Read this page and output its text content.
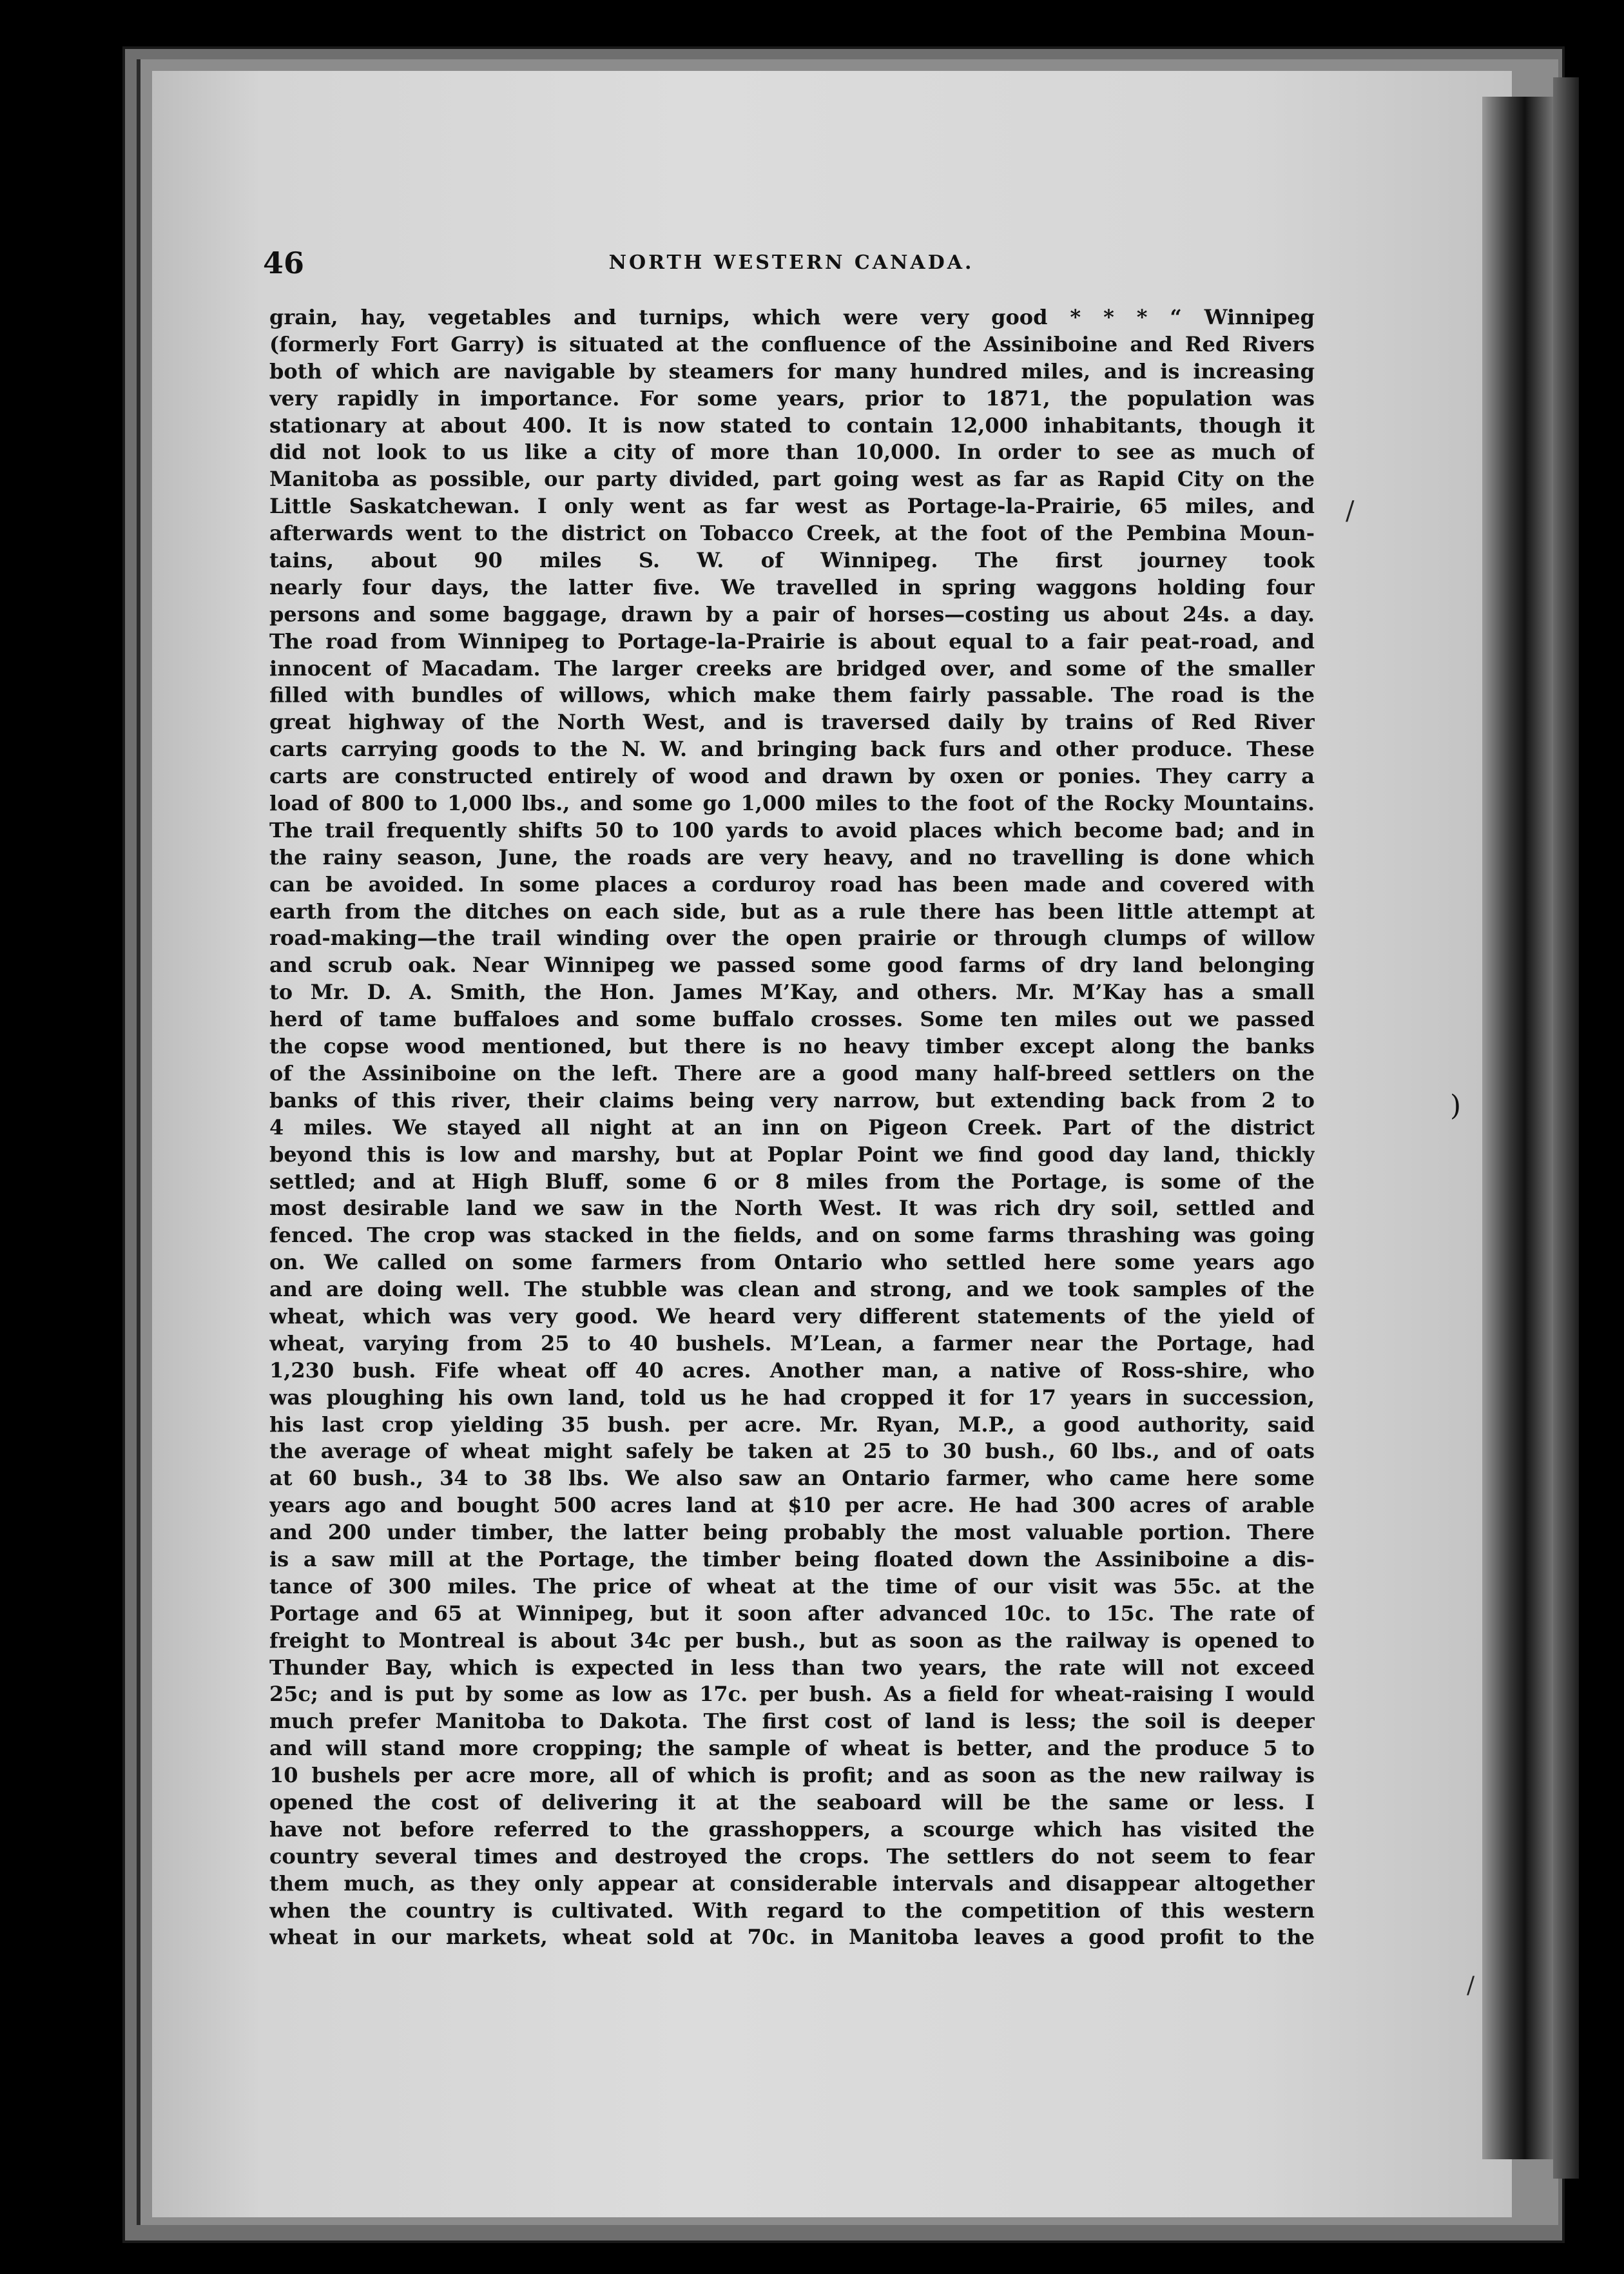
46	NORTH WESTERN CANADA.
grain, hay, vegetables and turnips, which were very good * * * “ Winnipeg
(formerly Fort Garry) is situated at the confluence of the Assiniboine and Red Rivers
both of which are navigable by steamers for many hundred miles, and is increasing
very rapidly in importance. For some years, prior to 1871, the population was
stationary at about 400. It is now stated to contain 12,000 inhabitants, though it
did not look to us like a city of more than 10,000. In order to see as much of
Manitoba as possible, our party divided, part going west as far as Rapid City on the
Little Saskatchewan. I only went as far west as Portage-la-Prairie, 65 miles, and
afterwards went to the district on Tobacco Creek, at the foot of the Pembina Moun-
tains, about 90 miles S. W. of Winnipeg. The first journey took
nearly four days, the latter five. We travelled in spring waggons holding four
persons and some baggage, drawn by a pair of horses—costing us about 24s. a day.
The road from Winnipeg to Portage-la-Prairie is about equal to a fair peat-road, and
innocent of Macadam. The larger creeks are bridged over, and some of the smaller
filled with bundles of willows, which make them fairly passable. The road is the
great highway of the North West, and is traversed daily by trains of Red River
carts carrying goods to the N. W. and bringing back furs and other produce. These
carts are constructed entirely of wood and drawn by oxen or ponies. They carry a
load of 800 to 1,000 lbs., and some go 1,000 miles to the foot of the Rocky Mountains.
The trail frequently shifts 50 to 100 yards to avoid places which become bad; and in
the rainy season, June, the roads are very heavy, and no travelling is done which
can be avoided. In some places a corduroy road has been made and covered with
earth from the ditches on each side, but as a rule there has been little attempt at
road-making—the trail winding over the open prairie or through clumps of willow
and scrub oak. Near Winnipeg we passed some good farms of dry land belonging
to Mr. D. A. Smith, the Hon. James M’Kay, and others. Mr. M’Kay has a small
herd of tame buffaloes and some buffalo crosses. Some ten miles out we passed
the copse wood mentioned, but there is no heavy timber except along the banks
of the Assiniboine on the left. There are a good many half-breed settlers on the
banks of this river, their claims being very narrow, but extending back from 2 to
4 miles. We stayed all night at an inn on Pigeon Creek. Part of the district
beyond this is low and marshy, but at Poplar Point we find good day land, thickly
settled; and at High Bluff, some 6 or 8 miles from the Portage, is some of the
most desirable land we saw in the North West. It was rich dry soil, settled and
fenced. The crop was stacked in the fields, and on some farms thrashing was going
on. We called on some farmers from Ontario who settled here some years ago
and are doing well. The stubble was clean and strong, and we took samples of the
wheat, which was very good. We heard very different statements of the yield of
wheat, varying from 25 to 40 bushels. M’Lean, a farmer near the Portage, had
1,230 bush. Fife wheat off 40 acres. Another man, a native of Ross-shire, who
was ploughing his own land, told us he had cropped it for 17 years in succession,
his last crop yielding 35 bush. per acre. Mr. Ryan, M.P., a good authority, said
the average of wheat might safely be taken at 25 to 30 bush., 60 lbs., and of oats
at 60 bush., 34 to 38 lbs. We also saw an Ontario farmer, who came here some
years ago and bought 500 acres land at $10 per acre. He had 300 acres of arable
and 200 under timber, the latter being probably the most valuable portion. There
is a saw mill at the Portage, the timber being floated down the Assiniboine a dis-
tance of 300 miles. The price of wheat at the time of our visit was 55c. at the
Portage and 65 at Winnipeg, but it soon after advanced 10c. to 15c. The rate of
freight to Montreal is about 34c per bush., but as soon as the railway is opened to
Thunder Bay, which is expected in less than two years, the rate will not exceed
25c; and is put by some as low as 17c. per bush. As a field for wheat-raising I would
much prefer Manitoba to Dakota. The first cost of land is less; the soil is deeper
and will stand more cropping; the sample of wheat is better, and the produce 5 to
10 bushels per acre more, all of which is profit; and as soon as the new railway is
opened the cost of delivering it at the seaboard will be the same or less. I
have not before referred to the grasshoppers, a scourge which has visited the
country several times and destroyed the crops. The settlers do not seem to fear
them much, as they only appear at considerable intervals and disappear altogether
when the country is cultivated. With regard to the competition of this western
wheat in our markets, wheat sold at 70c. in Manitoba leaves a good profit to the
/
)
/
